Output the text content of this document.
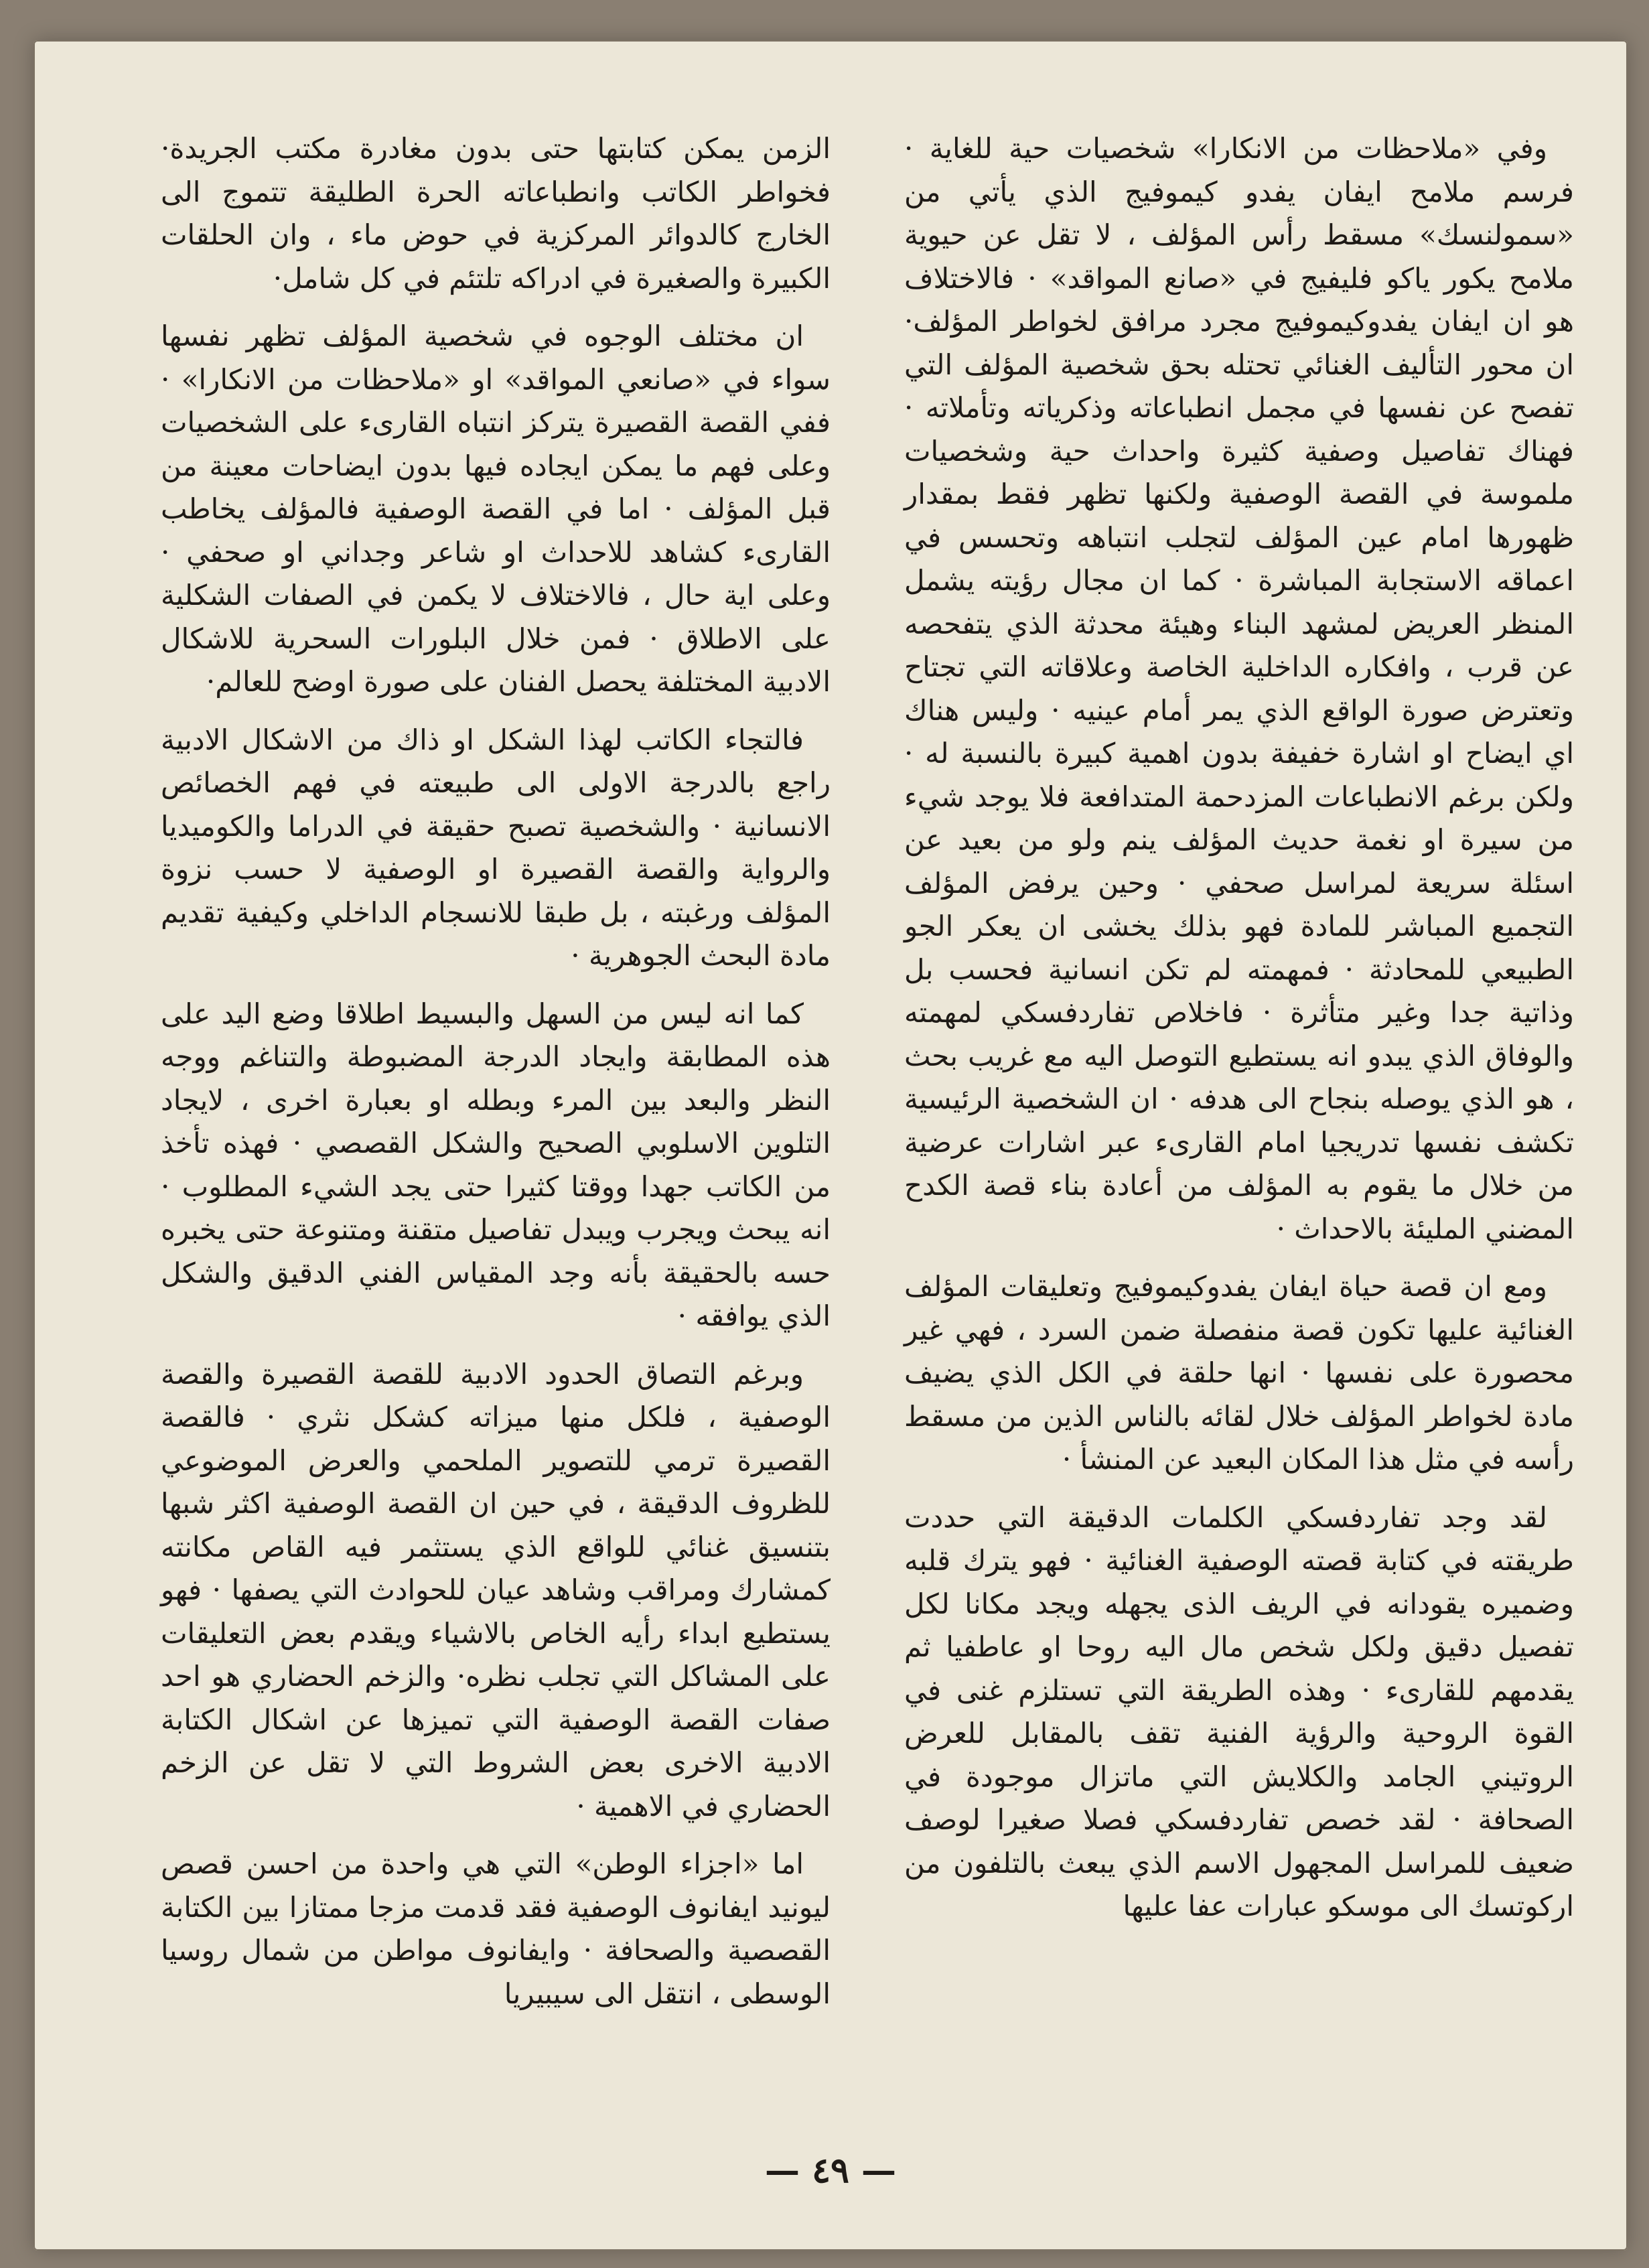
وفي «ملاحظات من الانكارا» شخصيات حية للغاية · فرسم ملامح ايفان يفدو كيموفيج الذي يأتي من «سمولنسك» مسقط رأس المؤلف ، لا تقل عن حيوية ملامح يكور ياكو فليفيج في «صانع المواقد» · فالاختلاف هو ان ايفان يفدوكيموفيج مجرد مرافق لخواطر المؤلف· ان محور التأليف الغنائي تحتله بحق شخصية المؤلف التي تفصح عن نفسها في مجمل انطباعاته وذكرياته وتأملاته · فهناك تفاصيل وصفية كثيرة واحداث حية وشخصيات ملموسة في القصة الوصفية ولكنها تظهر فقط بمقدار ظهورها امام عين المؤلف لتجلب انتباهه وتحسس في اعماقه الاستجابة المباشرة · كما ان مجال رؤيته يشمل المنظر العريض لمشهد البناء وهيئة محدثة الذي يتفحصه عن قرب ، وافكاره الداخلية الخاصة وعلاقاته التي تجتاح وتعترض صورة الواقع الذي يمر أمام عينيه · وليس هناك اي ايضاح او اشارة خفيفة بدون اهمية كبيرة بالنسبة له · ولكن برغم الانطباعات المزدحمة المتدافعة فلا يوجد شيء من سيرة او نغمة حديث المؤلف ينم ولو من بعيد عن اسئلة سريعة لمراسل صحفي · وحين يرفض المؤلف التجميع المباشر للمادة فهو بذلك يخشى ان يعكر الجو الطبيعي للمحادثة · فمهمته لم تكن انسانية فحسب بل وذاتية جدا وغير متأثرة · فاخلاص تفاردفسكي لمهمته والوفاق الذي يبدو انه يستطيع التوصل اليه مع غريب بحث ، هو الذي يوصله بنجاح الى هدفه · ان الشخصية الرئيسية تكشف نفسها تدريجيا امام القارىء عبر اشارات عرضية من خلال ما يقوم به المؤلف من أعادة بناء قصة الكدح المضني المليئة بالاحداث ·

ومع ان قصة حياة ايفان يفدوكيموفيج وتعليقات المؤلف الغنائية عليها تكون قصة منفصلة ضمن السرد ، فهي غير محصورة على نفسها · انها حلقة في الكل الذي يضيف مادة لخواطر المؤلف خلال لقائه بالناس الذين من مسقط رأسه في مثل هذا المكان البعيد عن المنشأ ·

لقد وجد تفاردفسكي الكلمات الدقيقة التي حددت طريقته في كتابة قصته الوصفية الغنائية · فهو يترك قلبه وضميره يقودانه في الريف الذى يجهله ويجد مكانا لكل تفصيل دقيق ولكل شخص مال اليه روحا او عاطفيا ثم يقدمهم للقارىء · وهذه الطريقة التي تستلزم غنى في القوة الروحية والرؤية الفنية تقف بالمقابل للعرض الروتيني الجامد والكلايش التي ماتزال موجودة في الصحافة · لقد خصص تفاردفسكي فصلا صغيرا لوصف ضعيف للمراسل المجهول الاسم الذي يبعث بالتلفون من اركوتسك الى موسكو عبارات عفا عليها

الزمن يمكن كتابتها حتى بدون مغادرة مكتب الجريدة· فخواطر الكاتب وانطباعاته الحرة الطليقة تتموج الى الخارج كالدوائر المركزية في حوض ماء ، وان الحلقات الكبيرة والصغيرة في ادراكه تلتئم في كل شامل·

ان مختلف الوجوه في شخصية المؤلف تظهر نفسها سواء في «صانعي المواقد» او «ملاحظات من الانكارا» · ففي القصة القصيرة يتركز انتباه القارىء على الشخصيات وعلى فهم ما يمكن ايجاده فيها بدون ايضاحات معينة من قبل المؤلف · اما في القصة الوصفية فالمؤلف يخاطب القارىء كشاهد للاحداث او شاعر وجداني او صحفي · وعلى اية حال ، فالاختلاف لا يكمن في الصفات الشكلية على الاطلاق · فمن خلال البلورات السحرية للاشكال الادبية المختلفة يحصل الفنان على صورة اوضح للعالم·

فالتجاء الكاتب لهذا الشكل او ذاك من الاشكال الادبية راجع بالدرجة الاولى الى طبيعته في فهم الخصائص الانسانية · والشخصية تصبح حقيقة في الدراما والكوميديا والرواية والقصة القصيرة او الوصفية لا حسب نزوة المؤلف ورغبته ، بل طبقا للانسجام الداخلي وكيفية تقديم مادة البحث الجوهرية ·

كما انه ليس من السهل والبسيط اطلاقا وضع اليد على هذه المطابقة وايجاد الدرجة المضبوطة والتناغم ووجه النظر والبعد بين المرء وبطله او بعبارة اخرى ، لايجاد التلوين الاسلوبي الصحيح والشكل القصصي · فهذه تأخذ من الكاتب جهدا ووقتا كثيرا حتى يجد الشيء المطلوب · انه يبحث ويجرب ويبدل تفاصيل متقنة ومتنوعة حتى يخبره حسه بالحقيقة بأنه وجد المقياس الفني الدقيق والشكل الذي يوافقه ·

وبرغم التصاق الحدود الادبية للقصة القصيرة والقصة الوصفية ، فلكل منها ميزاته كشكل نثري · فالقصة القصيرة ترمي للتصوير الملحمي والعرض الموضوعي للظروف الدقيقة ، في حين ان القصة الوصفية اكثر شبها بتنسيق غنائي للواقع الذي يستثمر فيه القاص مكانته كمشارك ومراقب وشاهد عيان للحوادث التي يصفها · فهو يستطيع ابداء رأيه الخاص بالاشياء ويقدم بعض التعليقات على المشاكل التي تجلب نظره· والزخم الحضاري هو احد صفات القصة الوصفية التي تميزها عن اشكال الكتابة الادبية الاخرى بعض الشروط التي لا تقل عن الزخم الحضاري في الاهمية ·

اما «اجزاء الوطن» التي هي واحدة من احسن قصص ليونيد ايفانوف الوصفية فقد قدمت مزجا ممتازا بين الكتابة القصصية والصحافة · وايفانوف مواطن من شمال روسيا الوسطى ، انتقل الى سيبيريا

— ٤٩ —
